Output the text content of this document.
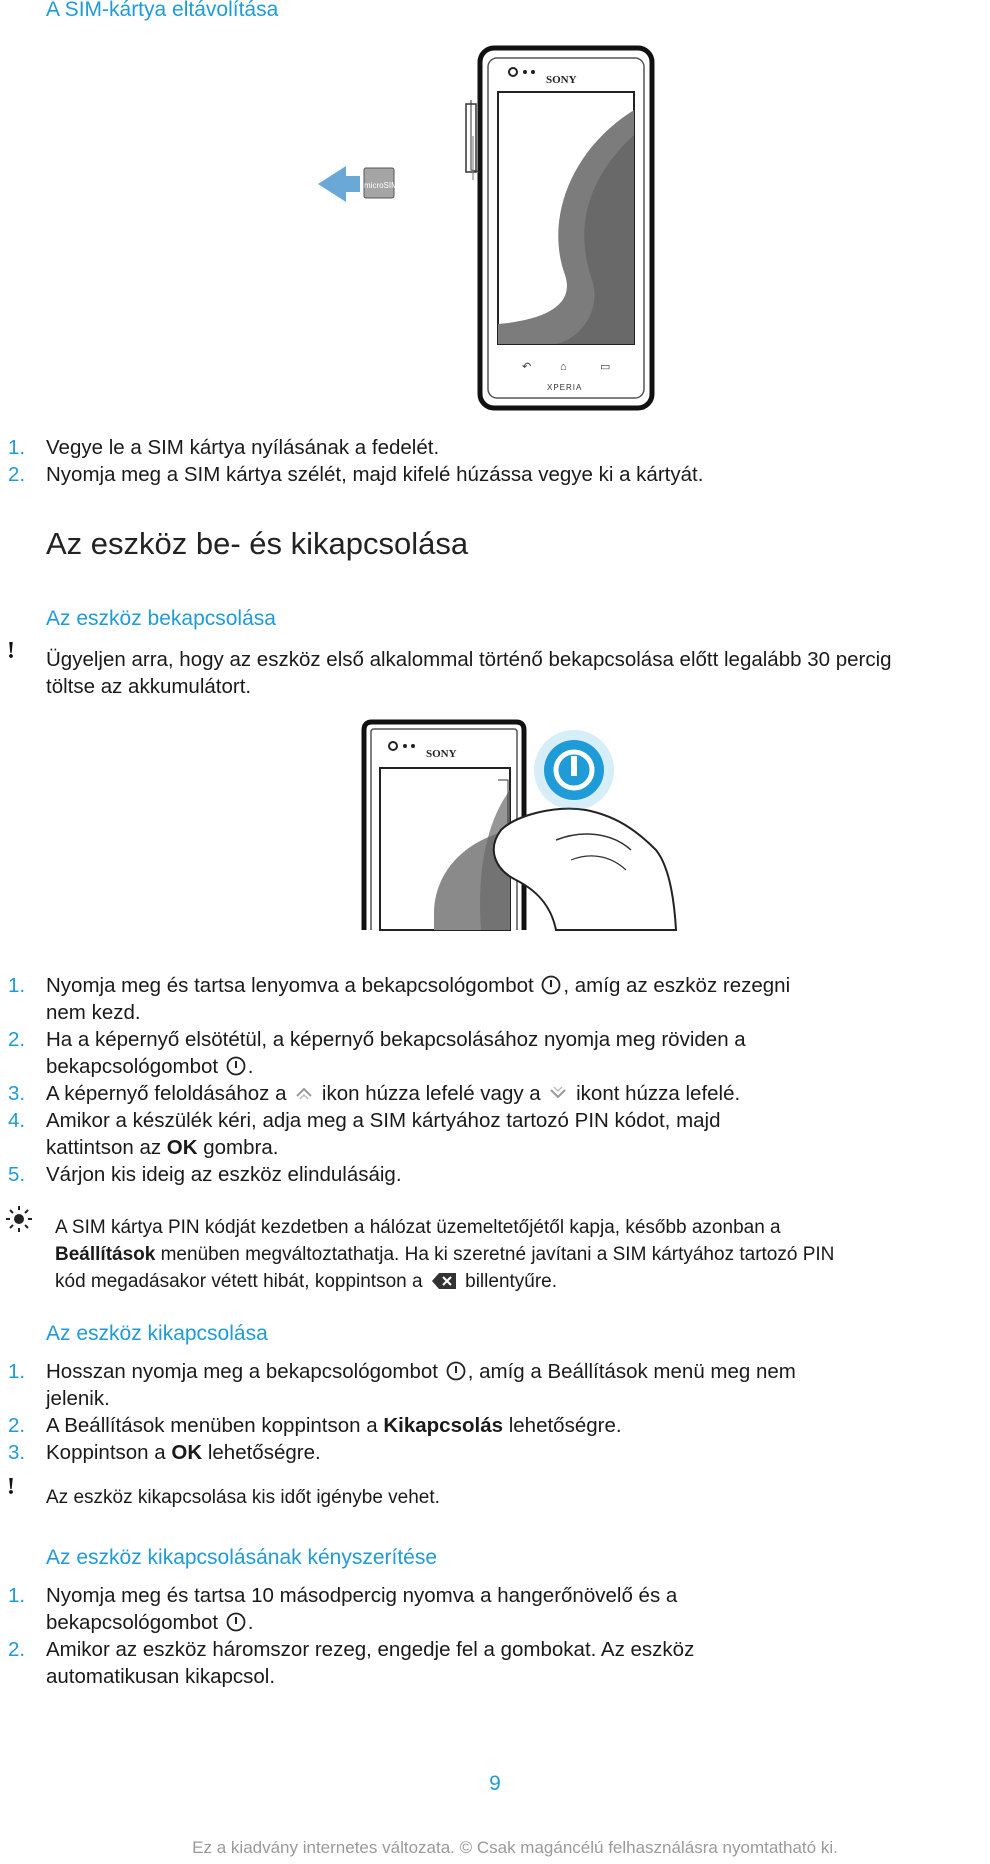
A SIM-kártya eltávolítása
SONY
↶	⌂	▭
XPERIA
microSIM
1.	Vegye le a SIM kártya nyílásának a fedelét.
2.	Nyomja meg a SIM kártya szélét, majd kifelé húzássa vegye ki a kártyát.
Az eszköz be- és kikapcsolása
Az eszköz bekapcsolása
! Ügyeljen arra, hogy az eszköz első alkalommal történő bekapcsolása előtt legalább 30 percig
töltse az akkumulátort.
SONY
1.	Nyomja meg és tartsa lenyomva a bekapcsológombot , amíg az eszköz rezegni
nem kezd.
2.	Ha a képernyő elsötétül, a képernyő bekapcsolásához nyomja meg röviden a
bekapcsológombot .
3.	A képernyő feloldásához a ikon húzza lefelé vagy a ikont húzza lefelé.
4.	Amikor a készülék kéri, adja meg a SIM kártyához tartozó PIN kódot, majd
kattintson az OK gombra.
5.	Várjon kis ideig az eszköz elindulásáig.
A SIM kártya PIN kódját kezdetben a hálózat üzemeltetőjétől kapja, később azonban a
Beállítások menüben megváltoztathatja. Ha ki szeretné javítani a SIM kártyához tartozó PIN
kód megadásakor vétett hibát, koppintson a billentyűre.
Az eszköz kikapcsolása
1.	Hosszan nyomja meg a bekapcsológombot , amíg a Beállítások menü meg nem
jelenik.
2.	A Beállítások menüben koppintson a Kikapcsolás lehetőségre.
3.	Koppintson a OK lehetőségre.
! Az eszköz kikapcsolása kis időt igénybe vehet.
Az eszköz kikapcsolásának kényszerítése
1.	Nyomja meg és tartsa 10 másodpercig nyomva a hangerőnövelő és a
bekapcsológombot .
2.	Amikor az eszköz háromszor rezeg, engedje fel a gombokat. Az eszköz
automatikusan kikapcsol.
9
Ez a kiadvány internetes változata. © Csak magáncélú felhasználásra nyomtatható ki.
